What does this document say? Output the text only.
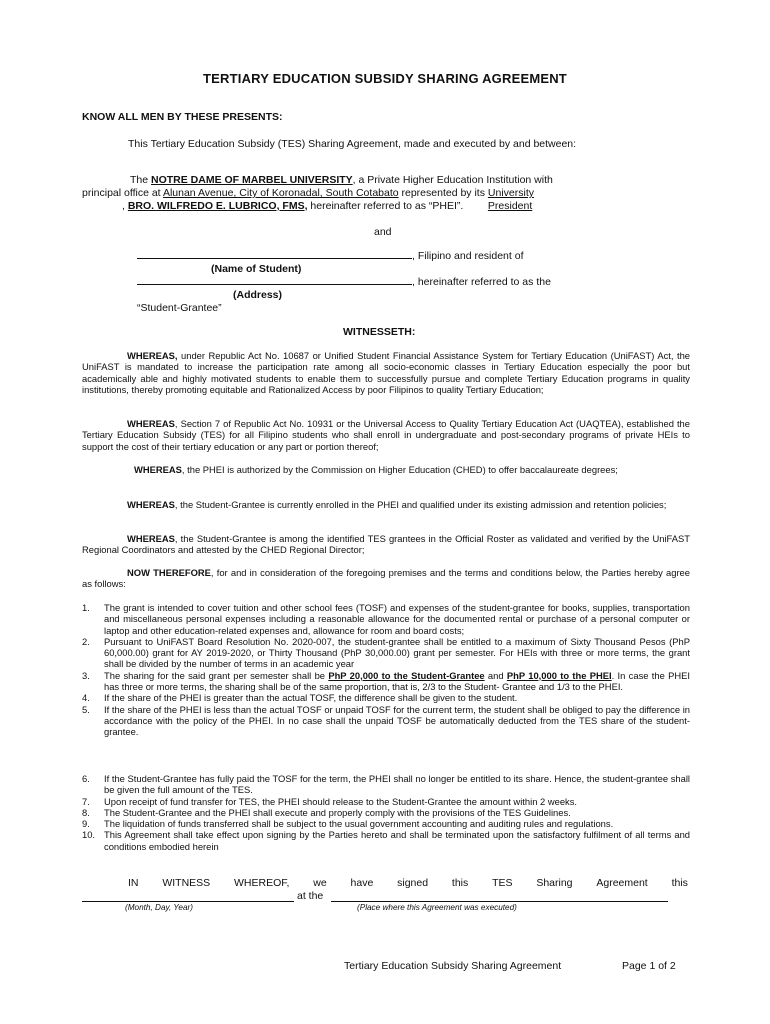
TERTIARY EDUCATION SUBSIDY SHARING AGREEMENT
KNOW ALL MEN BY THESE PRESENTS:
This Tertiary Education Subsidy (TES) Sharing Agreement, made and executed by and between:
The NOTRE DAME OF MARBEL UNIVERSITY, a Private Higher Education Institution with
principal office at Alunan Avenue, City of Koronadal, South Cotabato represented by its University President
, BRO. WILFREDO E. LUBRICO, FMS, hereinafter referred to as “PHEI”.
and
, Filipino and resident of
(Name of Student)
, hereinafter referred to as the
(Address)
“Student-Grantee”
WITNESSETH:
WHEREAS, under Republic Act No. 10687 or Unified Student Financial Assistance System for Tertiary Education (UniFAST) Act, the UniFAST is mandated to increase the participation rate among all socio-economic classes in Tertiary Education especially the poor but academically able and highly motivated students to enable them to successfully pursue and complete Tertiary Education programs in quality institutions, thereby promoting equitable and Rationalized Access by poor Filipinos to quality Tertiary Education;
WHEREAS, Section 7 of Republic Act No. 10931 or the Universal Access to Quality Tertiary Education Act (UAQTEA), established the Tertiary Education Subsidy (TES) for all Filipino students who shall enroll in undergraduate and post-secondary programs of private HEIs to support the cost of their tertiary education or any part or portion thereof;
WHEREAS, the PHEI is authorized by the Commission on Higher Education (CHED) to offer baccalaureate degrees;
WHEREAS, the Student-Grantee is currently enrolled in the PHEI and qualified under its existing admission and retention policies;
WHEREAS, the Student-Grantee is among the identified TES grantees in the Official Roster as validated and verified by the UniFAST Regional Coordinators and attested by the CHED Regional Director;
NOW THEREFORE, for and in consideration of the foregoing premises and the terms and conditions below, the Parties hereby agree as follows:
1.	The grant is intended to cover tuition and other school fees (TOSF) and expenses of the student-grantee for books, supplies, transportation and miscellaneous personal expenses including a reasonable allowance for the documented rental or purchase of a personal computer or laptop and other education-related expenses and, allowance for room and board costs;
2.	Pursuant to UniFAST Board Resolution No. 2020-007, the student-grantee shall be entitled to a maximum of Sixty Thousand Pesos (PhP 60,000.00) grant for AY 2019-2020, or Thirty Thousand (PhP 30,000.00) grant per semester. For HEIs with three or more terms, the grant shall be divided by the number of terms in an academic year
3.	The sharing for the said grant per semester shall be PhP 20,000 to the Student-Grantee and PhP 10,000 to the PHEI. In case the PHEI has three or more terms, the sharing shall be of the same proportion, that is, 2/3 to the Student- Grantee and 1/3 to the PHEI.
4.	If the share of the PHEI is greater than the actual TOSF, the difference shall be given to the student.
5.	If the share of the PHEI is less than the actual TOSF or unpaid TOSF for the current term, the student shall be obliged to pay the difference in accordance with the policy of the PHEI. In no case shall the unpaid TOSF be automatically deducted from the TES share of the student-grantee.
6.	If the Student-Grantee has fully paid the TOSF for the term, the PHEI shall no longer be entitled to its share. Hence, the student-grantee shall be given the full amount of the TES.
7.	Upon receipt of fund transfer for TES, the PHEI should release to the Student-Grantee the amount within 2 weeks.
8.	The Student-Grantee and the PHEI shall execute and properly comply with the provisions of the TES Guidelines.
9.	The liquidation of funds transferred shall be subject to the usual government accounting and auditing rules and regulations.
10. This Agreement shall take effect upon signing by the Parties hereto and shall be terminated upon the satisfactory fulfilment of all terms and conditions embodied herein
IN WITNESS WHEREOF, we have signed this TES Sharing Agreement this
at the
(Month, Day, Year)	(Place where this Agreement was executed)
Tertiary Education Subsidy Sharing Agreement	Page 1 of 2
